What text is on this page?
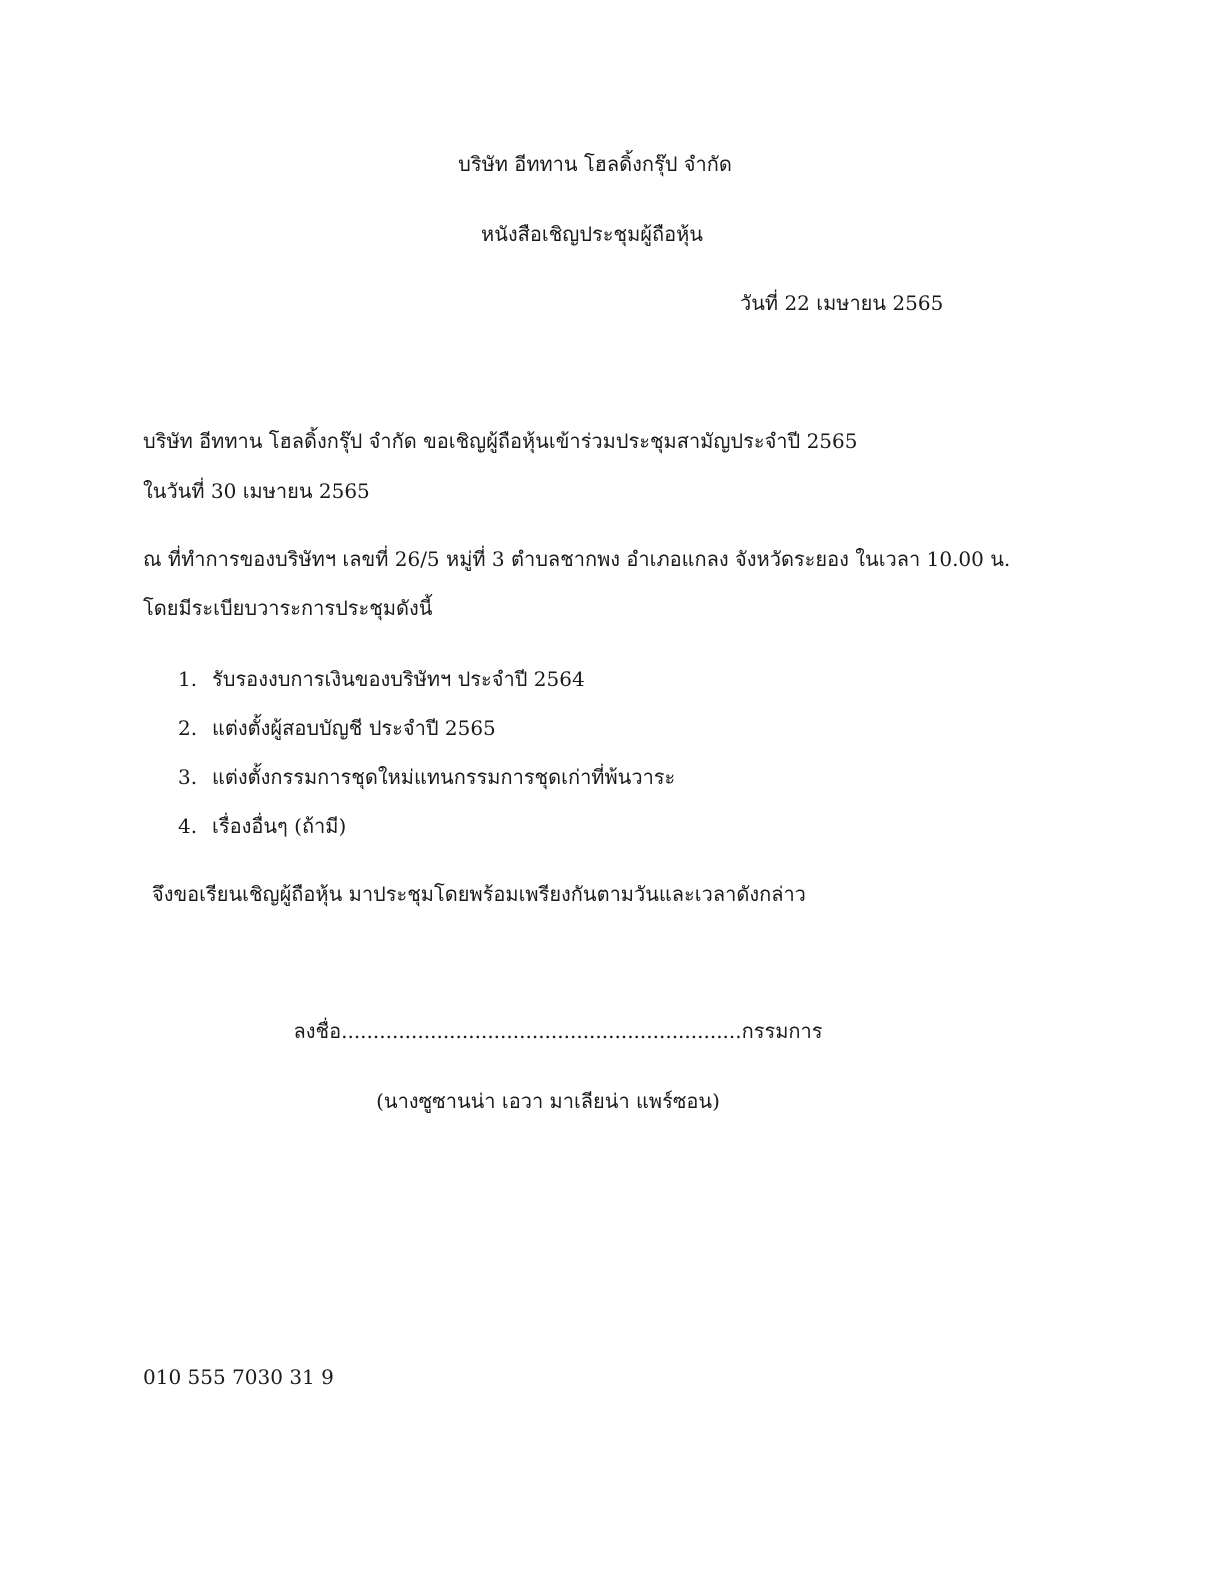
บริษัท อีททาน โฮลดิ้งกรุ๊ป จำกัด
หนังสือเชิญประชุมผู้ถือหุ้น
วันที่ 22 เมษายน 2565
บริษัท อีททาน โฮลดิ้งกรุ๊ป จำกัด ขอเชิญผู้ถือหุ้นเข้าร่วมประชุมสามัญประจำปี 2565
ในวันที่ 30 เมษายน 2565
ณ ที่ทำการของบริษัทฯ เลขที่ 26/5 หมู่ที่ 3 ตำบลชากพง อำเภอแกลง จังหวัดระยอง ในเวลา 10.00 น.
โดยมีระเบียบวาระการประชุมดังนี้
1. รับรองงบการเงินของบริษัทฯ ประจำปี 2564
2. แต่งตั้งผู้สอบบัญชี ประจำปี 2565
3. แต่งตั้งกรรมการชุดใหม่แทนกรรมการชุดเก่าที่พ้นวาระ
4. เรื่องอื่นๆ (ถ้ามี)
จึงขอเรียนเชิญผู้ถือหุ้น มาประชุมโดยพร้อมเพรียงกันตามวันและเวลาดังกล่าว
ลงชื่อ...............................................................กรรมการ
(นางซูซานน่า เอวา มาเลียน่า แพร์ซอน)
010 555 7030 31 9
